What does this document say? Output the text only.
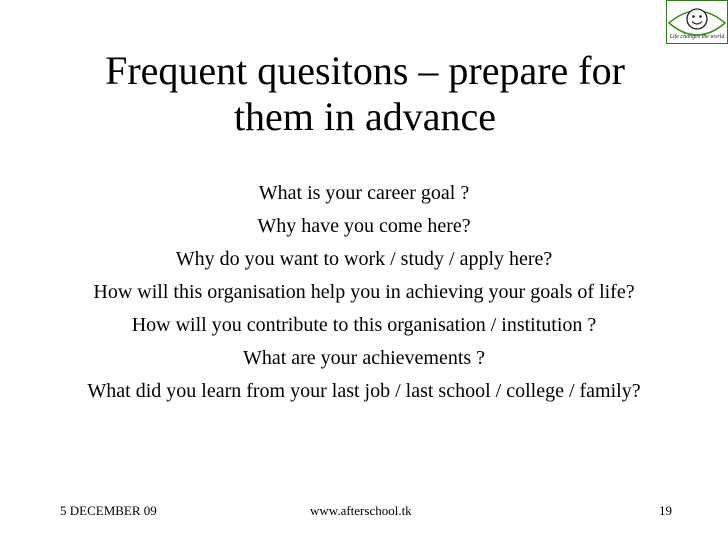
Life changes the world
Frequent quesitons – prepare for
them in advance
What is your career goal ?
Why have you come here?
Why do you want to work / study / apply here?
How will this organisation help you in achieving your goals of life?
How will you contribute to this organisation / institution ?
What are your achievements ?
What did you learn from your last job / last school / college / family?
5 DECEMBER 09	www.afterschool.tk	19
